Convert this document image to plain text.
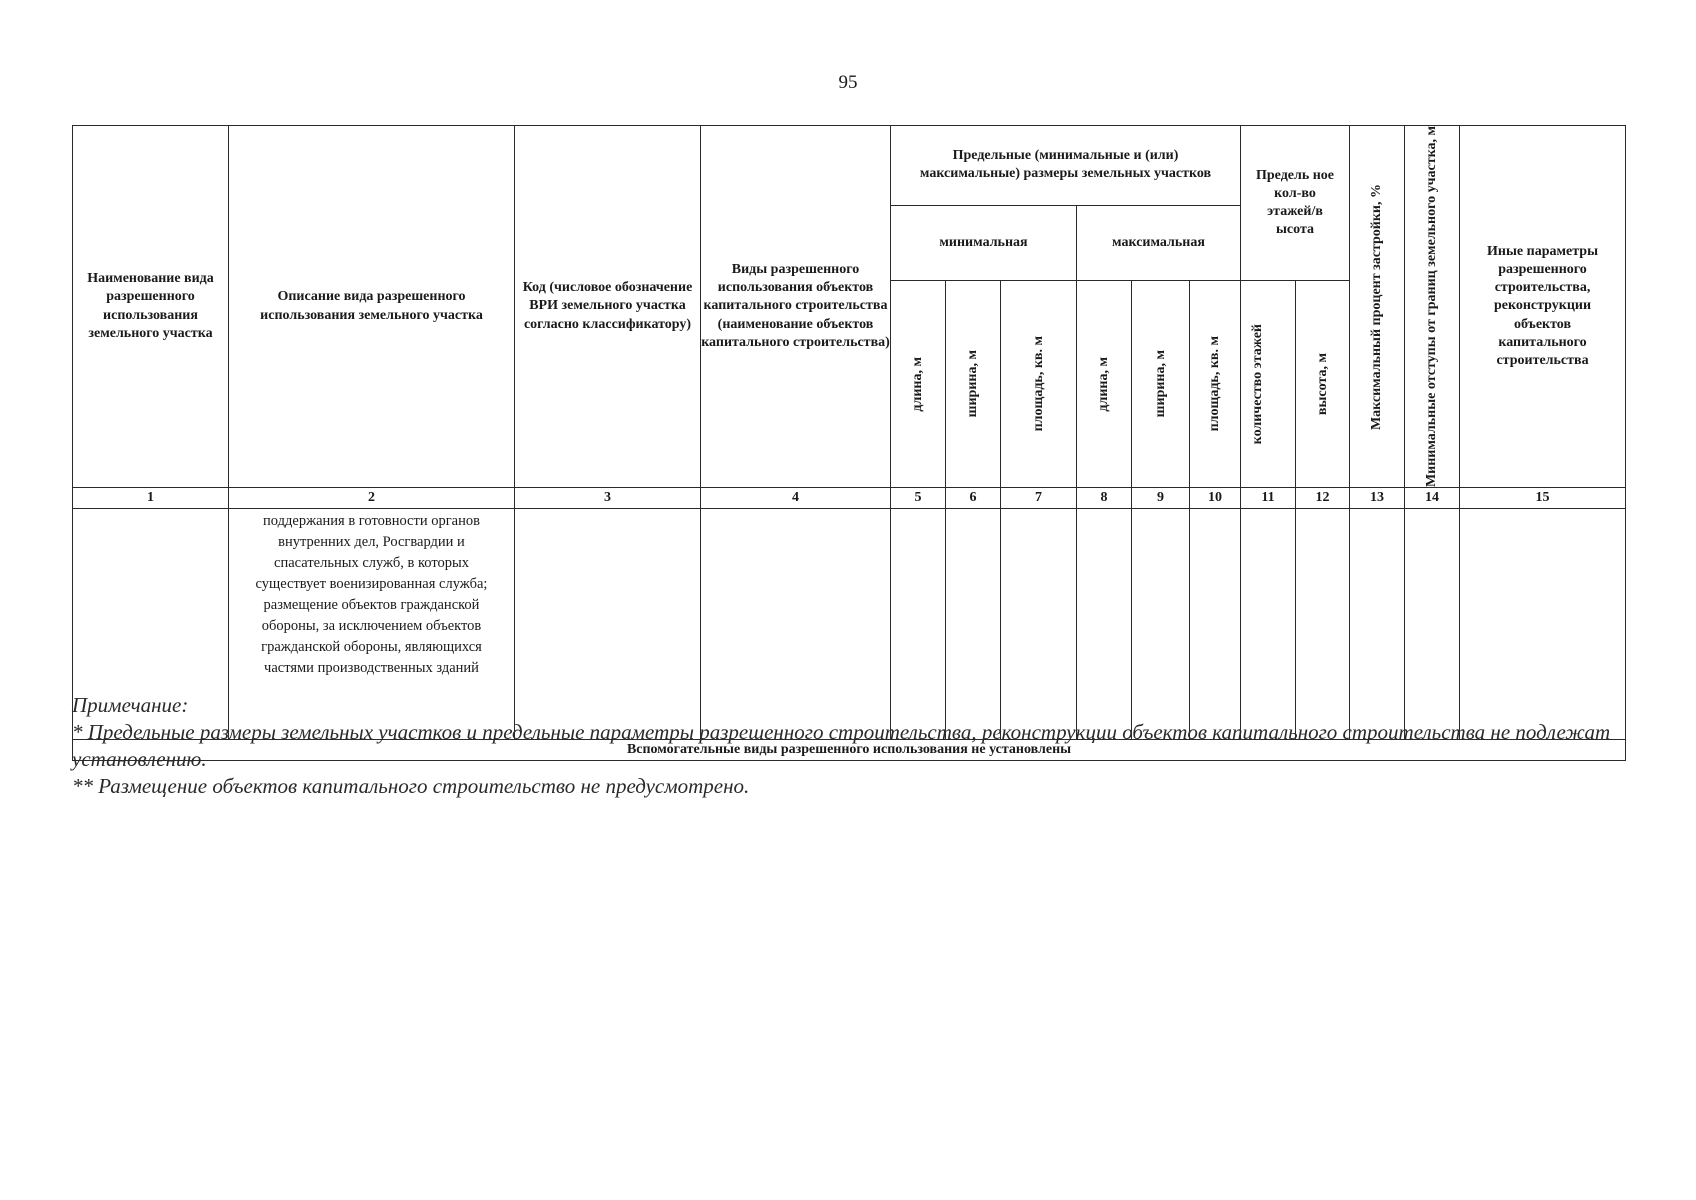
95
Наименование вида разрешенного использования земельного участка	Описание вида разрешенного использования земельного участка	Код (числовое обозначение ВРИ земельного участка согласно классификатору)	Виды разрешенного использования объектов капитального строительства (наименование объектов капитального строительства)	Предельные (минимальные и (или) максимальные) размеры земельных участков						Предель ное кол-во этажей/в ысота		Максимальный процент застройки, %	Минимальные отступы от границ земельного участка, м	Иные параметры разрешенного строительства, реконструкции объектов капитального строительства
				минимальная			максимальная							

				длина, м	ширина, м	площадь, кв. м	длина, м	ширина, м	площадь, кв. м	количество этажей	высота, м			

1	2	3	4	5	6	7	8	9	10	11	12	13	14	15

	поддержания в готовности органов внутренних дел, Росгвардии и спасательных служб, в которых существует военизированная служба; размещение объектов гражданской обороны, за исключением объектов гражданской обороны, являющихся частями производственных зданий													

Вспомогательные виды разрешенного использования не установлены														

Примечание:

* Предельные размеры земельных участков и предельные параметры разрешенного строительства, реконструкции объектов капитального строительства не подлежат установлению.

** Размещение объектов капитального строительство не предусмотрено.
